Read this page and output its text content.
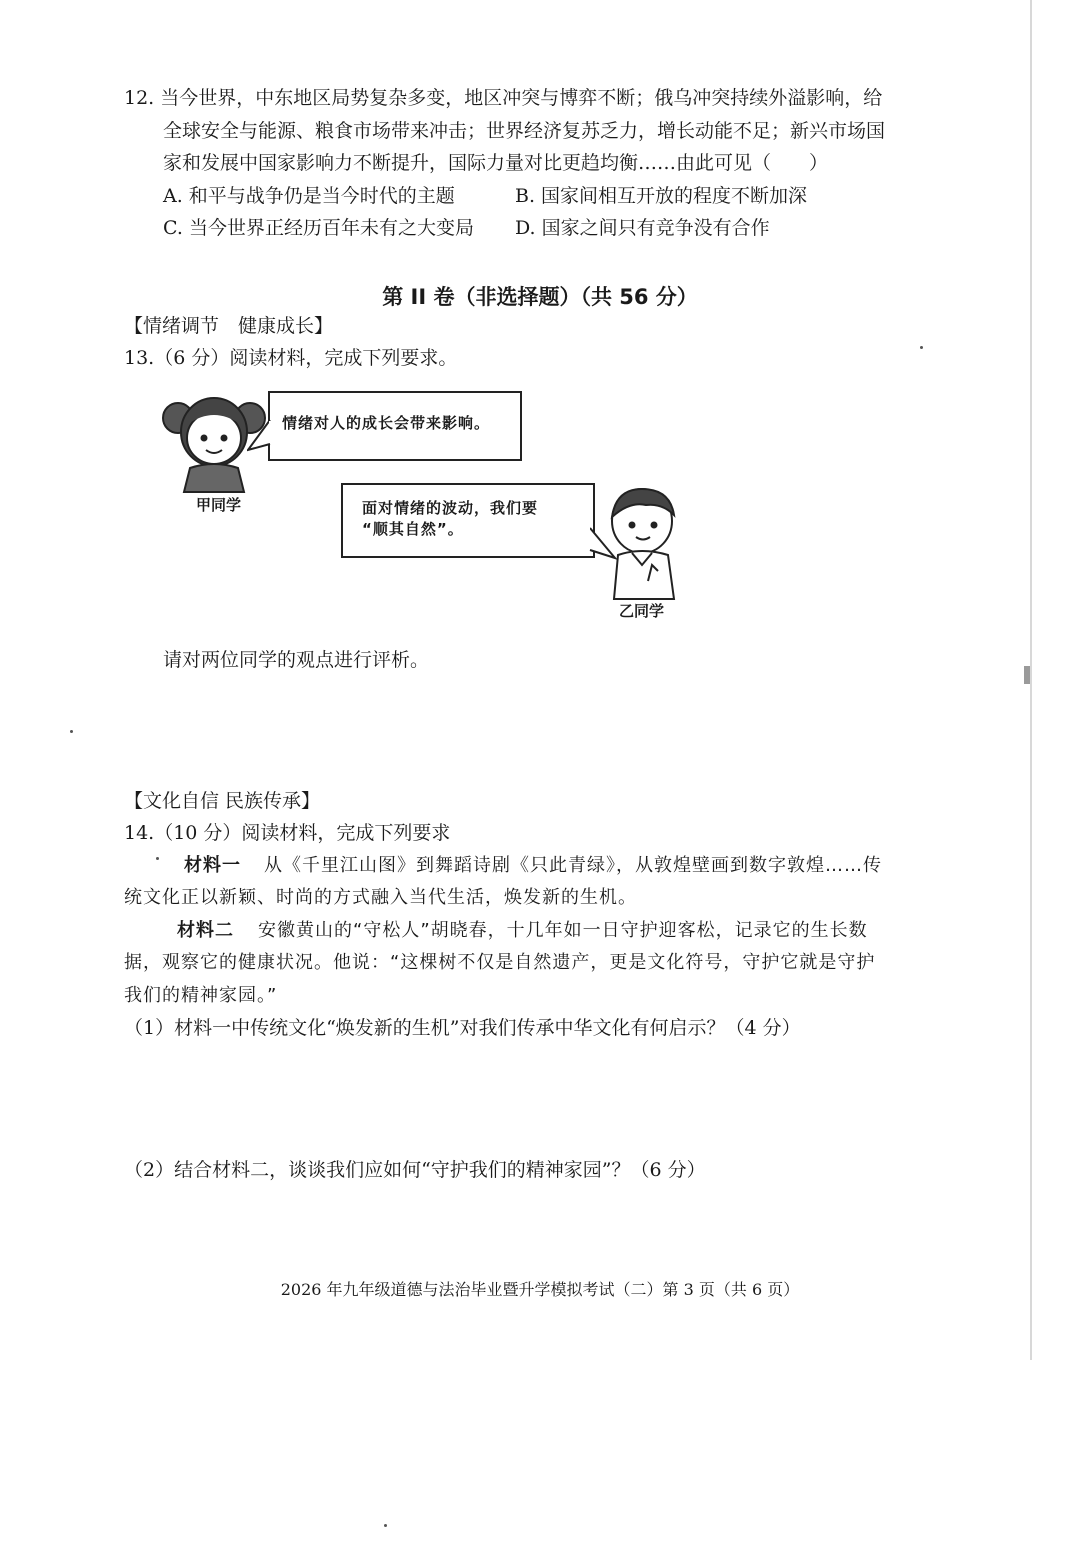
12. 当今世界，中东地区局势复杂多变，地区冲突与博弈不断；俄乌冲突持续外溢影响，给
全球安全与能源、粮食市场带来冲击；世界经济复苏乏力，增长动能不足；新兴市场国
家和发展中国家影响力不断提升，国际力量对比更趋均衡……由此可见（　　）
A. 和平与战争仍是当今时代的主题	B. 国家间相互开放的程度不断加深
C. 当今世界正经历百年未有之大变局 D. 国家之间只有竞争没有合作
第 II 卷（非选择题）（共 56 分）
【情绪调节　健康成长】
13.（6 分）阅读材料，完成下列要求。
甲同学
情绪对人的成长会带来影响。
面对情绪的波动，我们要
“顺其自然”。
乙同学
请对两位同学的观点进行评析。
【文化自信 民族传承】
14.（10 分）阅读材料，完成下列要求
材料一 从《千里江山图》到舞蹈诗剧《只此青绿》，从敦煌壁画到数字敦煌……传
统文化正以新颖、时尚的方式融入当代生活，焕发新的生机。
材料二 安徽黄山的“守松人”胡晓春，十几年如一日守护迎客松，记录它的生长数
据，观察它的健康状况。他说：“这棵树不仅是自然遗产，更是文化符号，守护它就是守护
我们的精神家园。”
（1）材料一中传统文化“焕发新的生机”对我们传承中华文化有何启示？（4 分）
（2）结合材料二，谈谈我们应如何“守护我们的精神家园”？（6 分）
2026 年九年级道德与法治毕业暨升学模拟考试（二）第 3 页（共 6 页）
